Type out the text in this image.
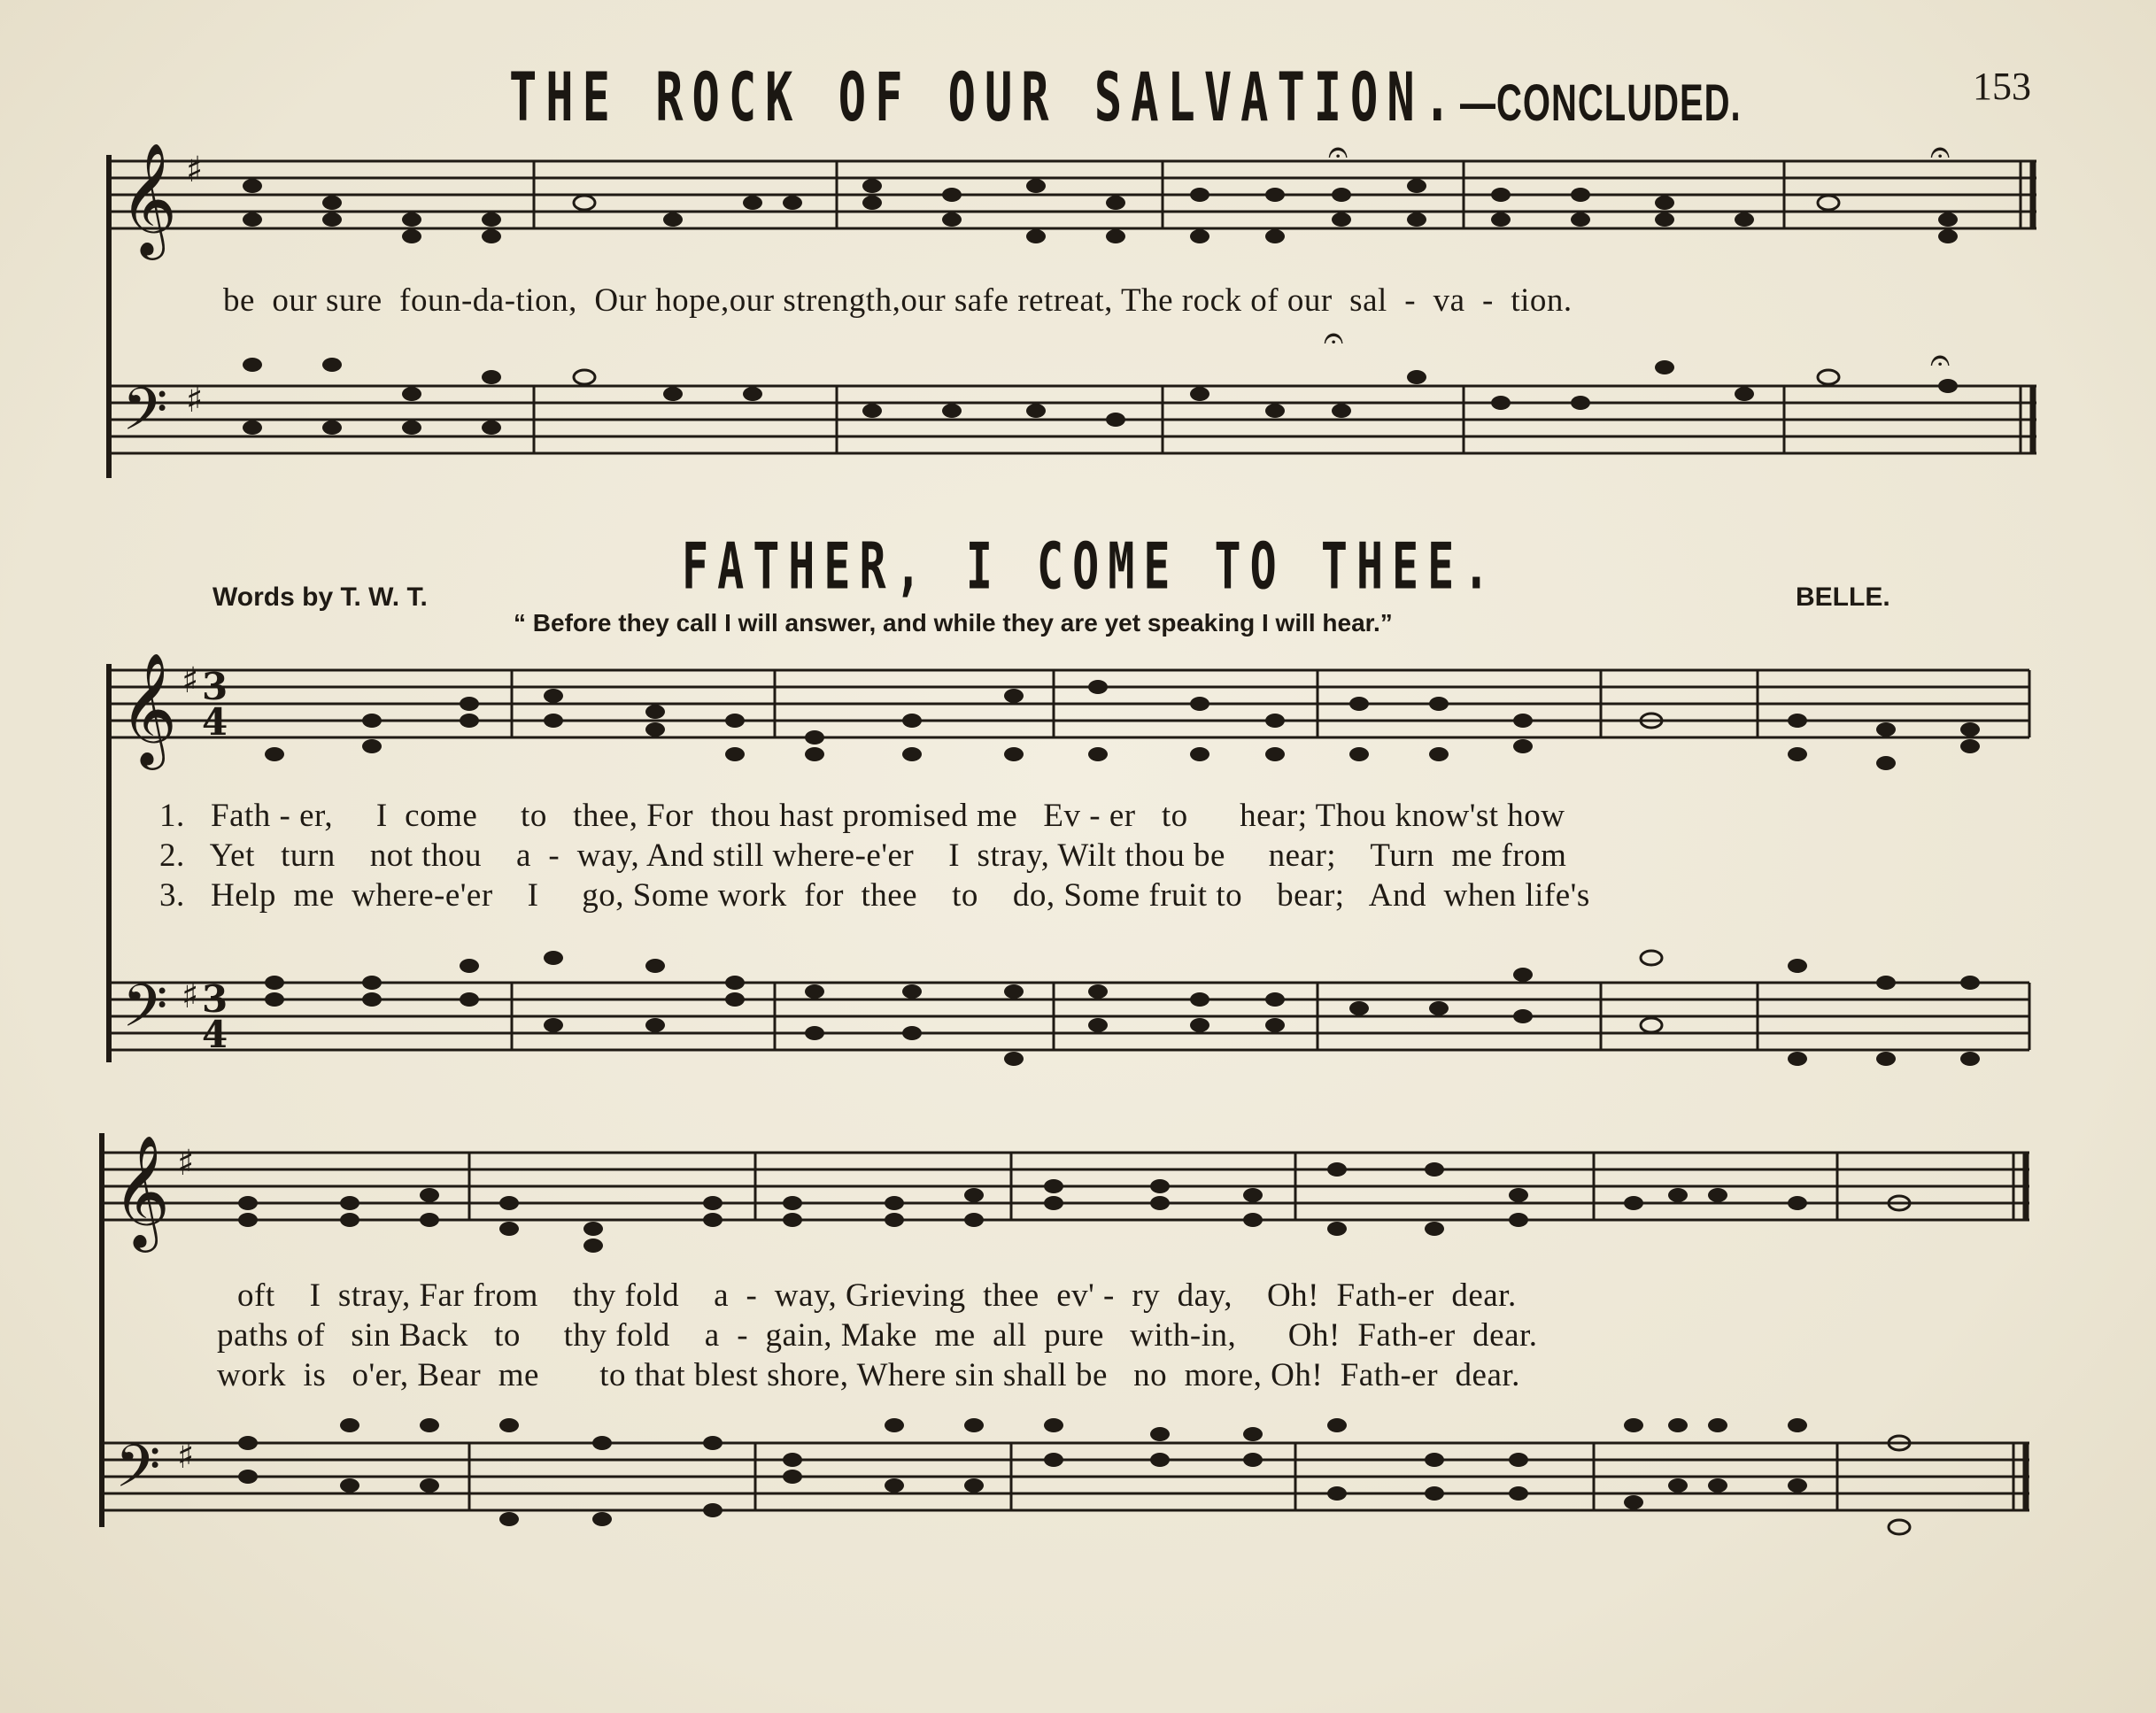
THE ROCK OF OUR SALVATION.—CONCLUDED.	153
𝄞
𝄢
♯
♯
𝄐	𝄐
𝄐
𝄐
be  our sure  foun-da-tion,  Our hope,our strength,our safe retreat, The rock of our  sal  -  va  -  tion.
FATHER, I COME TO THEE.
Words by T. W. T.	BELLE.
“ Before they call I will answer, and while they are yet speaking I will hear.”
𝄞 ♯ 3
4
𝄢 ♯ 3
4
1.   Fath - er,     I  come     to   thee, For  thou hast promised me   Ev - er   to      hear; Thou know'st how
2.   Yet   turn    not thou    a  -  way, And still where-e'er    I  stray, Wilt thou be     near;    Turn  me from
3.   Help  me  where-e'er    I     go, Some work  for  thee    to    do, Some fruit to    bear;   And  when life's
𝄞 ♯
𝄢 ♯
oft    I  stray, Far from    thy fold    a  -  way, Grieving  thee  ev' -  ry  day,    Oh!  Fath-er  dear.
paths of   sin Back   to     thy fold    a  -  gain, Make  me  all  pure   with-in,      Oh!  Fath-er  dear.
work  is   o'er, Bear  me       to that blest shore, Where sin shall be   no  more, Oh!  Fath-er  dear.
